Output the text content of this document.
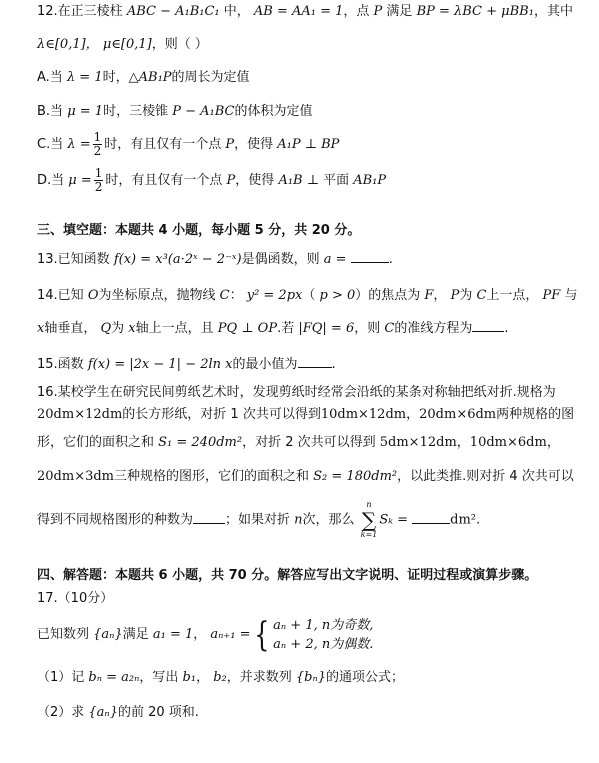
12.在正三棱柱 ABC − A₁B₁C₁ 中， AB = AA₁ = 1，点 P 满足 BP = λBC + μBB₁，其中
λ∈[0,1]， μ∈[0,1]，则（ ）
A.当 λ = 1时，△AB₁P的周长为定值
B.当 μ = 1时，三棱锥 P − A₁BC的体积为定值
C.当 $\lambda = \frac{1}{2}$ 时，有且仅有一个点 P，使得 A₁P ⊥ BP
D.当 $\mu = \frac{1}{2}$ 时，有且仅有一个点 P，使得 A₁B ⊥ 平面 AB₁P
三、填空题：本题共 4 小题，每小题 5 分，共 20 分。
13.已知函数 f(x) = x³(a·2ˣ − 2⁻ˣ)是偶函数，则 a =	.
14.已知 O为坐标原点，抛物线 C： y² = 2px（ p > 0）的焦点为 F， P为 C上一点， PF 与
x轴垂直， Q为 x轴上一点，且 PQ ⊥ OP.若 |FQ| = 6，则 C的准线方程为 .
15.函数 f(x) = |2x − 1| − 2ln x的最小值为	.
16.某校学生在研究民间剪纸艺术时，发现剪纸时经常会沿纸的某条对称轴把纸对折.规格为
20dm×12dm的长方形纸，对折 1 次共可以得到10dm×12dm，20dm×6dm两种规格的图
形，它们的面积之和 S₁ = 240dm²，对折 2 次共可以得到 5dm×12dm，10dm×6dm，
20dm×3dm三种规格的图形，它们的面积之和 S₂ = 180dm²，以此类推.则对折 4 次共可以
得到不同规格图形的种数为 ；如果对折 n次，那么
n
∑
k=1
Sₖ =	dm².
四、解答题：本题共 6 小题，共 70 分。解答应写出文字说明、证明过程或演算步骤。
17.（10分）
已知数列 {aₙ}满足 a₁ = 1， aₙ₊₁ ={ aₙ + 1, n为奇数,
aₙ + 2, n为偶数.
（1）记 bₙ = a₂ₙ，写出 b₁， b₂，并求数列 {bₙ}的通项公式；
（2）求 {aₙ}的前 20 项和.
